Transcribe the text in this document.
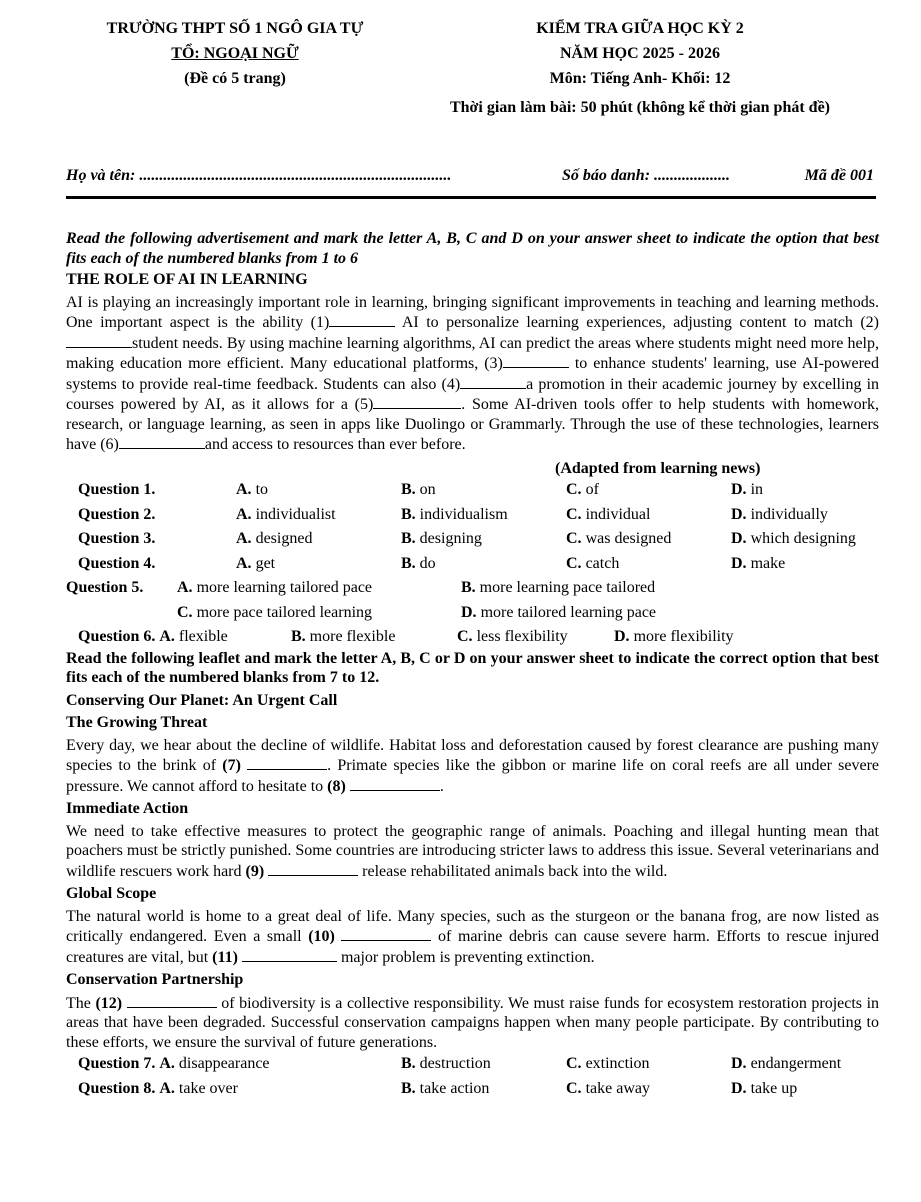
TRƯỜNG THPT SỐ 1 NGÔ GIA TỰ
TỔ: NGOẠI NGỮ
(Đề có 5 trang)
KIỂM TRA GIỮA HỌC KỲ 2
NĂM HỌC 2025 - 2026
Môn: Tiếng Anh- Khối: 12
Thời gian làm bài: 50 phút (không kể thời gian phát đề)
Họ và tên: ..............................................................................	Số báo danh: ...................	Mã đề 001

Read the following advertisement and mark the letter A, B, C and D on your answer sheet to indicate the option that best fits each of the numbered blanks from 1 to 6

THE ROLE OF AI IN LEARNING

AI is playing an increasingly important role in learning, bringing significant improvements in teaching and learning methods. One important aspect is the ability (1)	AI to personalize learning experiences, adjusting content to match (2)student needs. By using machine learning algorithms, AI can predict the areas where students might need more help, making education more efficient. Many educational platforms, (3)	to enhance students' learning, use AI-powered systems to provide real-time feedback. Students can also (4)	a promotion in their academic journey by excelling in courses powered by AI, as it allows for a (5)	. Some AI-driven tools offer to help students with homework, research, or language learning, as seen in apps like Duolingo or Grammarly. Through the use of these technologies, learners have (6)	and access to resources than ever before.

(Adapted from learning news)
Question 1.	A. to	B. on	C. of	D. in
Question 2.	A. individualist	B. individualism	C. individual	D. individually
Question 3.	A. designed	B. designing	C. was designed	D. which designing
Question 4.	A. get	B. do	C. catch	D. make
Question 5. A. more learning tailored pace	B. more learning pace tailored
C. more pace tailored learning	D. more tailored learning pace
Question 6. A. flexible	B. more flexible	C. less flexibility	D. more flexibility

Read the following leaflet and mark the letter A, B, C or D on your answer sheet to indicate the correct option that best fits each of the numbered blanks from 7 to 12.

Conserving Our Planet: An Urgent Call
The Growing Threat

Every day, we hear about the decline of wildlife. Habitat loss and deforestation caused by forest clearance are pushing many species to the brink of (7)	. Primate species like the gibbon or marine life on coral reefs are all under severe pressure. We cannot afford to hesitate to (8)	.

Immediate Action

We need to take effective measures to protect the geographic range of animals. Poaching and illegal hunting mean that poachers must be strictly punished. Some countries are introducing stricter laws to address this issue. Several veterinarians and wildlife rescuers work hard (9)	release rehabilitated animals back into the wild.

Global Scope

The natural world is home to a great deal of life. Many species, such as the sturgeon or the banana frog, are now listed as critically endangered. Even a small (10)	of marine debris can cause severe harm. Efforts to rescue injured creatures are vital, but (11)	major problem is preventing extinction.

Conservation Partnership

The (12)	of biodiversity is a collective responsibility. We must raise funds for ecosystem restoration projects in areas that have been degraded. Successful conservation campaigns happen when many people participate. By contributing to these efforts, we ensure the survival of future generations.

Question 7. A. disappearance	B. destruction	C. extinction	D. endangerment
Question 8. A. take over	B. take action	C. take away	D. take up
